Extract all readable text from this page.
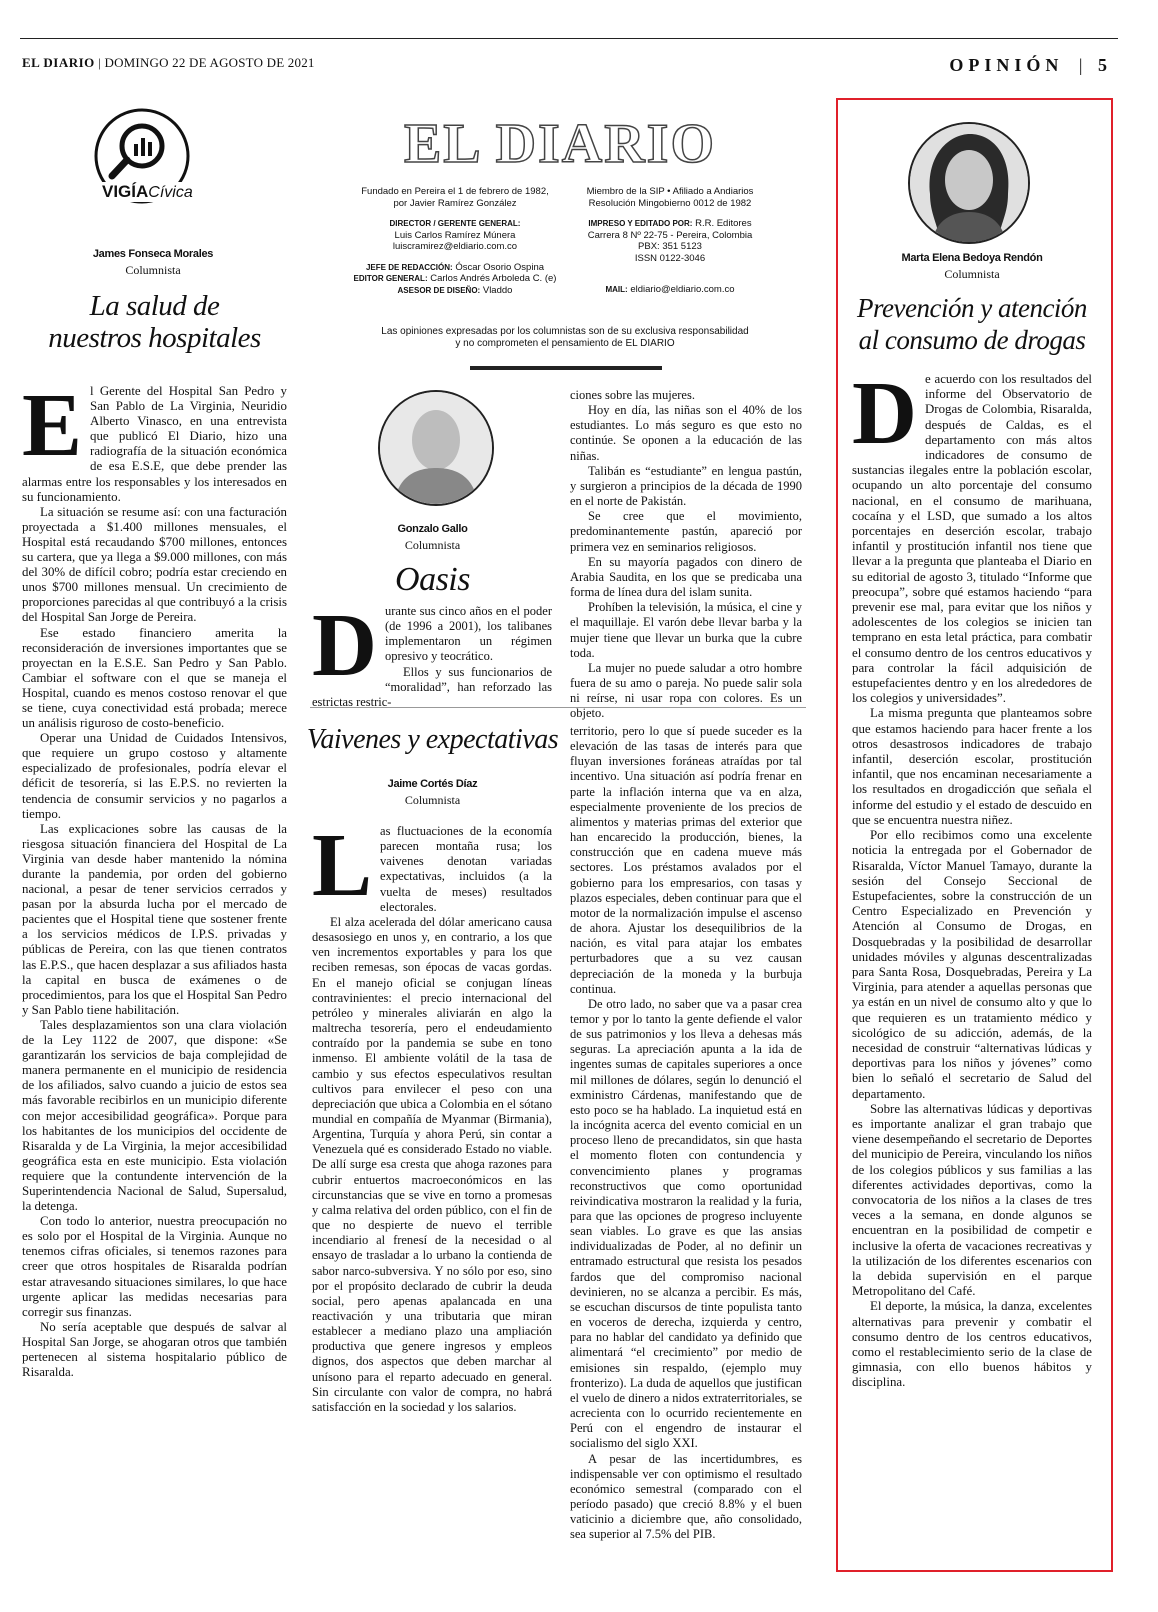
EL DIARIO | DOMINGO 22 DE AGOSTO DE 2021	OPINIÓN | 5
VIGÍACívica
James Fonseca Morales
Columnista
La salud de
nuestros hospitales
E l Gerente del Hospital San Pedro y San Pablo de La Virginia, Neuridio Alberto Vinasco, en una entrevista que publicó El Diario, hizo una radiografía de la situación económica de esa E.S.E, que debe prender las alarmas entre los responsables y los interesados en su funcionamiento.

La situación se resume así: con una facturación proyectada a $1.400 millones mensuales, el Hospital está recaudando $700 millones, entonces su cartera, que ya llega a $9.000 millones, con más del 30% de difícil cobro; podría estar creciendo en unos $700 millones mensual. Un crecimiento de proporciones parecidas al que contribuyó a la crisis del Hospital San Jorge de Pereira.

Ese estado financiero amerita la reconsideración de inversiones importantes que se proyectan en la E.S.E. San Pedro y San Pablo. Cambiar el software con el que se maneja el Hospital, cuando es menos costoso renovar el que se tiene, cuya conectividad está probada; merece un análisis riguroso de costo-beneficio.

Operar una Unidad de Cuidados Intensivos, que requiere un grupo costoso y altamente especializado de profesionales, podría elevar el déficit de tesorería, si las E.P.S. no revierten la tendencia de consumir servicios y no pagarlos a tiempo.

Las explicaciones sobre las causas de la riesgosa situación financiera del Hospital de La Virginia van desde haber mantenido la nómina durante la pandemia, por orden del gobierno nacional, a pesar de tener servicios cerrados y pasan por la absurda lucha por el mercado de pacientes que el Hospital tiene que sostener frente a los servicios médicos de I.P.S. privadas y públicas de Pereira, con las que tienen contratos las E.P.S., que hacen desplazar a sus afiliados hasta la capital en busca de exámenes o de procedimientos, para los que el Hospital San Pedro y San Pablo tiene habilitación.

Tales desplazamientos son una clara violación de la Ley 1122 de 2007, que dispone: «Se garantizarán los servicios de baja complejidad de manera permanente en el municipio de residencia de los afiliados, salvo cuando a juicio de estos sea más favorable recibirlos en un municipio diferente con mejor accesibilidad geográfica». Porque para los habitantes de los municipios del occidente de Risaralda y de La Virginia, la mejor accesibilidad geográfica esta en este municipio. Esta violación requiere que la contundente intervención de la Superintendencia Nacional de Salud, Supersalud, la detenga.

Con todo lo anterior, nuestra preocupación no es solo por el Hospital de la Virginia. Aunque no tenemos cifras oficiales, si tenemos razones para creer que otros hospitales de Risaralda podrían estar atravesando situaciones similares, lo que hace urgente aplicar las medidas necesarias para corregir sus finanzas.

No sería aceptable que después de salvar al Hospital San Jorge, se ahogaran otros que también pertenecen al sistema hospitalario público de Risaralda.

EL DIARIO
Fundado en Pereira el 1 de febrero de 1982,
por Javier Ramírez González
DIRECTOR / GERENTE GENERAL:
Luis Carlos Ramírez Múnera
luiscramirez@eldiario.com.co
JEFE DE REDACCIÓN: Óscar Osorio Ospina
EDITOR GENERAL: Carlos Andrés Arboleda C. (e)
ASESOR DE DISEÑO: Vladdo
Miembro de la SIP • Afiliado a Andiarios
Resolución Mingobierno 0012 de 1982
IMPRESO Y EDITADO POR: R.R. Editores
Carrera 8 Nº 22-75 - Pereira, Colombia
PBX: 351 5123
ISSN 0122-3046
MAIL: eldiario@eldiario.com.co
Las opiniones expresadas por los columnistas son de su exclusiva responsabilidad
y no comprometen el pensamiento de EL DIARIO
Gonzalo Gallo
Columnista
Oasis
D urante sus cinco años en el poder (de 1996 a 2001), los talibanes implementaron un régimen opresivo y teocrático.

Ellos y sus funcionarios de “moralidad”, han reforzado las estrictas restric-

ciones sobre las mujeres.

Hoy en día, las niñas son el 40% de los estudiantes. Lo más seguro es que esto no continúe. Se oponen a la educación de las niñas.

Talibán es “estudiante” en lengua pastún, y surgieron a principios de la década de 1990 en el norte de Pakistán.

Se cree que el movimiento, predominantemente pastún, apareció por primera vez en seminarios religiosos.

En su mayoría pagados con dinero de Arabia Saudita, en los que se predicaba una forma de línea dura del islam sunita.

Prohíben la televisión, la música, el cine y el maquillaje. El varón debe llevar barba y la mujer tiene que llevar un burka que la cubre toda.

La mujer no puede saludar a otro hombre fuera de su amo o pareja. No puede salir sola ni reírse, ni usar ropa con colores. Es un objeto.

Vaivenes y expectativas
Jaime Cortés Díaz
Columnista
L as fluctuaciones de la economía parecen montaña rusa; los vaivenes denotan variadas expectativas, incluidos (a la vuelta de meses) resultados electorales.

El alza acelerada del dólar americano causa desasosiego en unos y, en contrario, a los que ven incrementos exportables y para los que reciben remesas, son épocas de vacas gordas. En el manejo oficial se conjugan líneas contravinientes: el precio internacional del petróleo y minerales aliviarán en algo la maltrecha tesorería, pero el endeudamiento contraído por la pandemia se sube en tono inmenso. El ambiente volátil de la tasa de cambio y sus efectos especulativos resultan cultivos para envilecer el peso con una depreciación que ubica a Colombia en el sótano mundial en compañía de Myanmar (Birmania), Argentina, Turquía y ahora Perú, sin contar a Venezuela qué es considerado Estado no viable. De allí surge esa cresta que ahoga razones para cubrir entuertos macroeconómicos en las circunstancias que se vive en torno a promesas y calma relativa del orden público, con el fin de que no despierte de nuevo el terrible incendiario al frenesí de la necesidad o al ensayo de trasladar a lo urbano la contienda de sabor narco-subversiva. Y no sólo por eso, sino por el propósito declarado de cubrir la deuda social, pero apenas apalancada en una reactivación y una tributaria que miran establecer a mediano plazo una ampliación productiva que genere ingresos y empleos dignos, dos aspectos que deben marchar al unísono para el reparto adecuado en general. Sin circulante con valor de compra, no habrá satisfacción en la sociedad y los salarios.

territorio, pero lo que sí puede suceder es la elevación de las tasas de interés para que fluyan inversiones foráneas atraídas por tal incentivo. Una situación así podría frenar en parte la inflación interna que va en alza, especialmente proveniente de los precios de alimentos y materias primas del exterior que han encarecido la producción, bienes, la construcción que en cadena mueve más sectores. Los préstamos avalados por el gobierno para los empresarios, con tasas y plazos especiales, deben continuar para que el motor de la normalización impulse el ascenso de ahora. Ajustar los desequilibrios de la nación, es vital para atajar los embates perturbadores que a su vez causan depreciación de la moneda y la burbuja continua.

De otro lado, no saber que va a pasar crea temor y por lo tanto la gente defiende el valor de sus patrimonios y los lleva a dehesas más seguras. La apreciación apunta a la ida de ingentes sumas de capitales superiores a once mil millones de dólares, según lo denunció el exministro Cárdenas, manifestando que de esto poco se ha hablado. La inquietud está en la incógnita acerca del evento comicial en un proceso lleno de precandidatos, sin que hasta el momento floten con contundencia y convencimiento planes y programas reconstructivos que como oportunidad reivindicativa mostraron la realidad y la furia, para que las opciones de progreso incluyente sean viables. Lo grave es que las ansias individualizadas de Poder, al no definir un entramado estructural que resista los pesados fardos que del compromiso nacional devinieren, no se alcanza a percibir. Es más, se escuchan discursos de tinte populista tanto en voceros de derecha, izquierda y centro, para no hablar del candidato ya definido que alimentará “el crecimiento” por medio de emisiones sin respaldo, (ejemplo muy fronterizo). La duda de aquellos que justifican el vuelo de dinero a nidos extraterritoriales, se acrecienta con lo ocurrido recientemente en Perú con el engendro de instaurar el socialismo del siglo XXI.

A pesar de las incertidumbres, es indispensable ver con optimismo el resultado económico semestral (comparado con el período pasado) que creció 8.8% y el buen vaticinio a diciembre que, año consolidado, sea superior al 7.5% del PIB.

Marta Elena Bedoya Rendón
Columnista
Prevención y atención
al consumo de drogas
D e acuerdo con los resultados del informe del Observatorio de Drogas de Colombia, Risaralda, después de Caldas, es el departamento con más altos indicadores de consumo de sustancias ilegales entre la población escolar, ocupando un alto porcentaje del consumo nacional, en el consumo de marihuana, cocaína y el LSD, que sumado a los altos porcentajes en deserción escolar, trabajo infantil y prostitución infantil nos tiene que llevar a la pregunta que planteaba el Diario en su editorial de agosto 3, titulado “Informe que preocupa”, sobre qué estamos haciendo “para prevenir ese mal, para evitar que los niños y adolescentes de los colegios se inicien tan temprano en esta letal práctica, para combatir el consumo dentro de los centros educativos y para controlar la fácil adquisición de estupefacientes dentro y en los alrededores de los colegios y universidades”.

La misma pregunta que planteamos sobre que estamos haciendo para hacer frente a los otros desastrosos indicadores de trabajo infantil, deserción escolar, prostitución infantil, que nos encaminan necesariamente a los resultados en drogadicción que señala el informe del estudio y el estado de descuido en que se encuentra nuestra niñez.

Por ello recibimos como una excelente noticia la entregada por el Gobernador de Risaralda, Víctor Manuel Tamayo, durante la sesión del Consejo Seccional de Estupefacientes, sobre la construcción de un Centro Especializado en Prevención y Atención al Consumo de Drogas, en Dosquebradas y la posibilidad de desarrollar unidades móviles y algunas descentralizadas para Santa Rosa, Dosquebradas, Pereira y La Virginia, para atender a aquellas personas que ya están en un nivel de consumo alto y que lo que requieren es un tratamiento médico y sicológico de su adicción, además, de la necesidad de construir “alternativas lúdicas y deportivas para los niños y jóvenes” como bien lo señaló el secretario de Salud del departamento.

Sobre las alternativas lúdicas y deportivas es importante analizar el gran trabajo que viene desempeñando el secretario de Deportes del municipio de Pereira, vinculando los niños de los colegios públicos y sus familias a las diferentes actividades deportivas, como la convocatoria de los niños a la clases de tres veces a la semana, en donde algunos se encuentran en la posibilidad de competir e inclusive la oferta de vacaciones recreativas y la utilización de los diferentes escenarios con la debida supervisión en el parque Metropolitano del Café.

El deporte, la música, la danza, excelentes alternativas para prevenir y combatir el consumo dentro de los centros educativos, como el restablecimiento serio de la clase de gimnasia, con ello buenos hábitos y disciplina.
